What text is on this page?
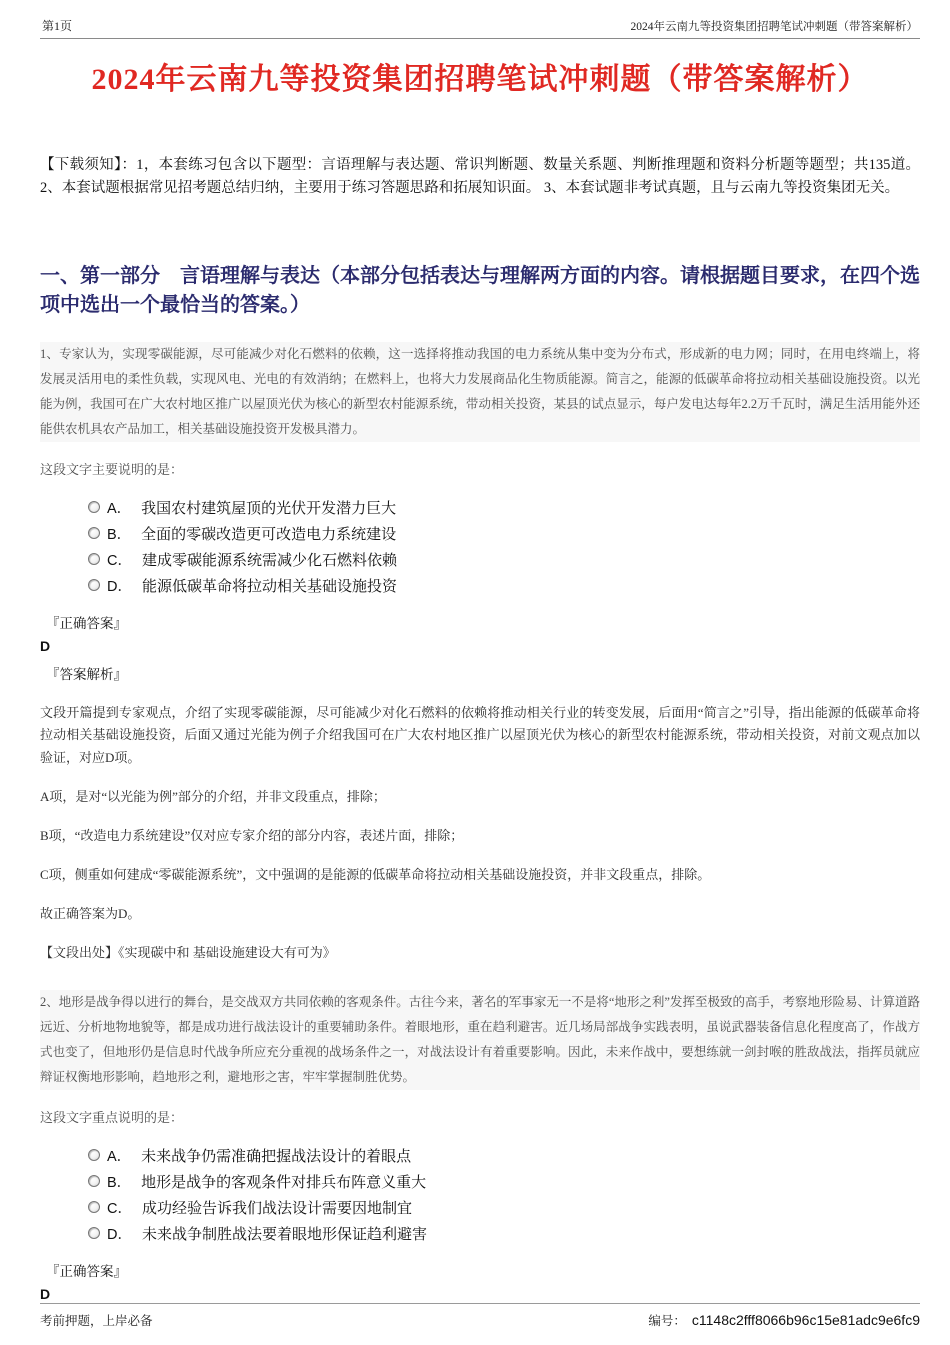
第1页	2024年云南九等投资集团招聘笔试冲刺题（带答案解析）
2024年云南九等投资集团招聘笔试冲刺题（带答案解析）

【下载须知】：1，本套练习包含以下题型：言语理解与表达题、常识判断题、数量关系题、判断推理题和资料分析题等题型；共135道。2、本套试题根据常见招考题总结归纳，主要用于练习答题思路和拓展知识面。 3、本套试题非考试真题，且与云南九等投资集团无关。

一、第一部分　言语理解与表达（本部分包括表达与理解两方面的内容。请根据题目要求，在四个选项中选出一个最恰当的答案。）

1、专家认为，实现零碳能源，尽可能减少对化石燃料的依赖，这一选择将推动我国的电力系统从集中变为分布式，形成新的电力网；同时，在用电终端上，将发展灵活用电的柔性负载，实现风电、光电的有效消纳；在燃料上，也将大力发展商品化生物质能源。简言之，能源的低碳革命将拉动相关基础设施投资。以光能为例，我国可在广大农村地区推广以屋顶光伏为核心的新型农村能源系统，带动相关投资，某县的试点显示，每户发电达每年2.2万千瓦时，满足生活用能外还能供农机具农产品加工，相关基础设施投资开发极具潜力。

这段文字主要说明的是：

A． 我国农村建筑屋顶的光伏开发潜力巨大
B． 全面的零碳改造更可改造电力系统建设
C． 建成零碳能源系统需减少化石燃料依赖
D． 能源低碳革命将拉动相关基础设施投资

『正确答案』

D

『答案解析』

文段开篇提到专家观点，介绍了实现零碳能源，尽可能减少对化石燃料的依赖将推动相关行业的转变发展，后面用“简言之”引导，指出能源的低碳革命将拉动相关基础设施投资，后面又通过光能为例子介绍我国可在广大农村地区推广以屋顶光伏为核心的新型农村能源系统，带动相关投资，对前文观点加以验证，对应D项。

A项，是对“以光能为例”部分的介绍，并非文段重点，排除；

B项，“改造电力系统建设”仅对应专家介绍的部分内容，表述片面，排除；

C项，侧重如何建成“零碳能源系统”，文中强调的是能源的低碳革命将拉动相关基础设施投资，并非文段重点，排除。

故正确答案为D。

【文段出处】《实现碳中和 基础设施建设大有可为》

2、地形是战争得以进行的舞台，是交战双方共同依赖的客观条件。古往今来，著名的军事家无一不是将“地形之利”发挥至极致的高手，考察地形险易、计算道路远近、分析地物地貌等，都是成功进行战法设计的重要辅助条件。着眼地形，重在趋利避害。近几场局部战争实践表明，虽说武器装备信息化程度高了，作战方式也变了，但地形仍是信息时代战争所应充分重视的战场条件之一，对战法设计有着重要影响。因此，未来作战中，要想练就一剑封喉的胜敌战法，指挥员就应辩证权衡地形影响，趋地形之利，避地形之害，牢牢掌握制胜优势。

这段文字重点说明的是：

A． 未来战争仍需准确把握战法设计的着眼点
B． 地形是战争的客观条件对排兵布阵意义重大
C． 成功经验告诉我们战法设计需要因地制宜
D． 未来战争制胜战法要着眼地形保证趋利避害

『正确答案』

D

考前押题，上岸必备	编号： c1148c2fff8066b96c15e81adc9e6fc9
